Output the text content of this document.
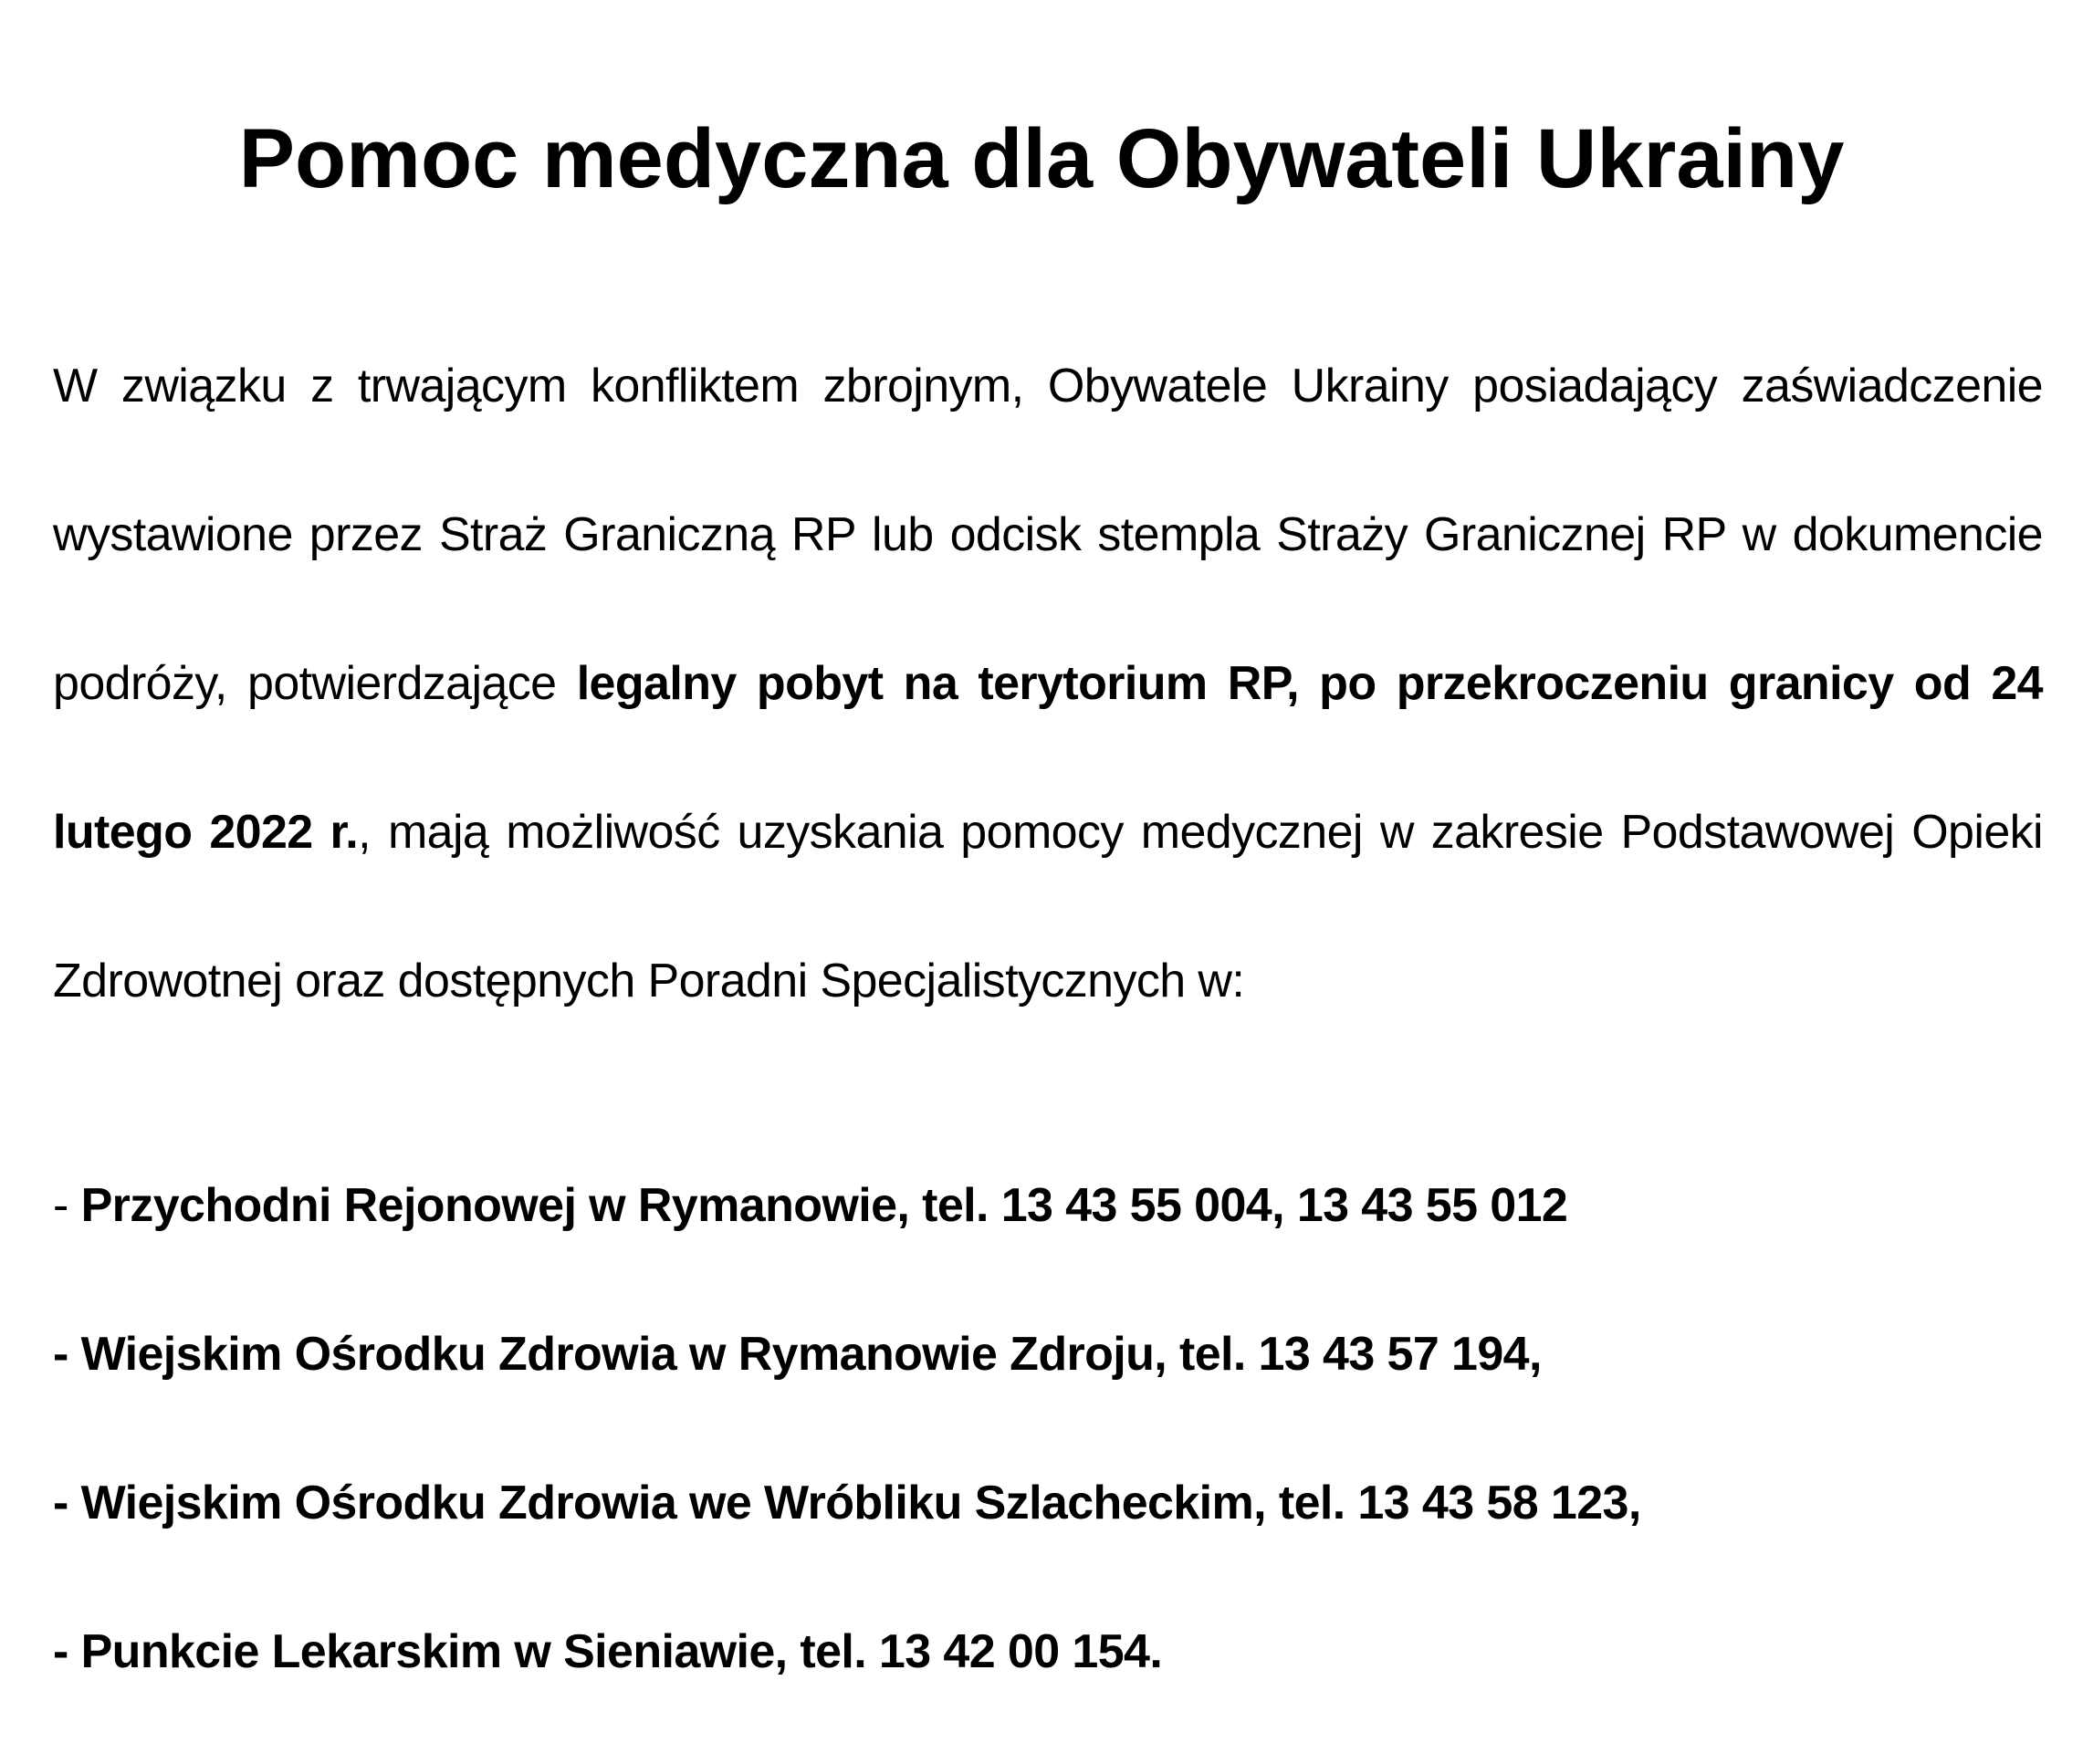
Pomoc medyczna dla Obywateli Ukrainy

W związku z trwającym konfliktem zbrojnym, Obywatele Ukrainy posiadający zaświadczenie wystawione przez Straż Graniczną RP lub odcisk stempla Straży Granicznej RP w dokumencie podróży, potwierdzające legalny pobyt na terytorium RP, po przekroczeniu granicy od 24 lutego 2022 r., mają możliwość uzyskania pomocy medycznej w zakresie Podstawowej Opieki Zdrowotnej oraz dostępnych Poradni Specjalistycznych w:

- Przychodni Rejonowej w Rymanowie, tel. 13 43 55 004, 13 43 55 012
- Wiejskim Ośrodku Zdrowia w Rymanowie Zdroju, tel. 13 43 57 194,
- Wiejskim Ośrodku Zdrowia we Wróbliku Szlacheckim, tel. 13 43 58 123,
- Punkcie Lekarskim w Sieniawie, tel. 13 42 00 154.
